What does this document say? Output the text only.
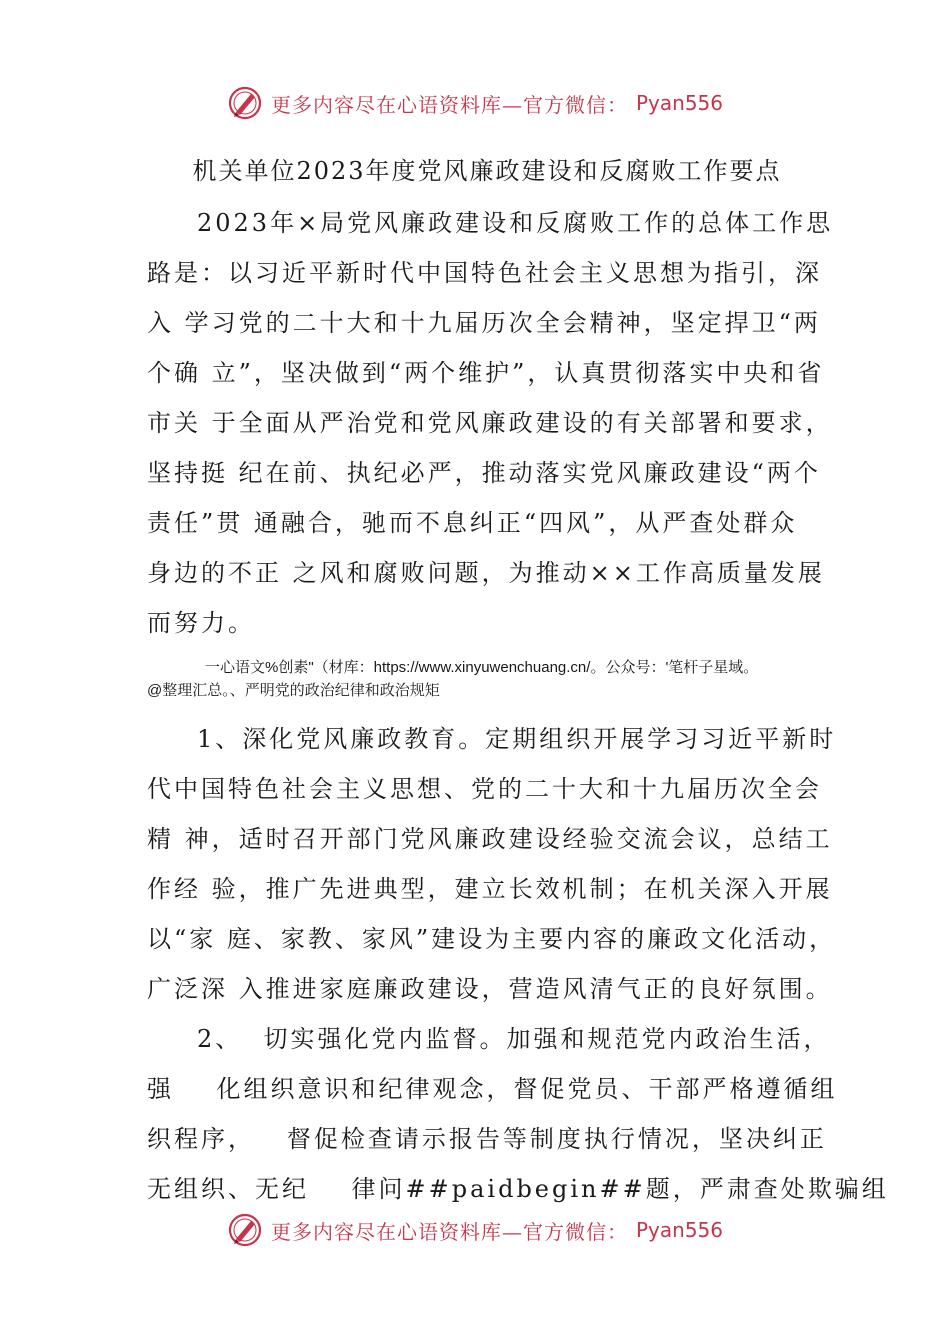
更多内容尽在心语资料库—官方微信： Pyan556
机关单位2023年度党风廉政建设和反腐败工作要点

2023年×局党风廉政建设和反腐败工作的总体工作思
路是：以习近平新时代中国特色社会主义思想为指引，深
入 学习党的二十大和十九届历次全会精神，坚定捍卫“两
个确 立”，坚决做到“两个维护”，认真贯彻落实中央和省
市关 于全面从严治党和党风廉政建设的有关部署和要求，
坚持挺 纪在前、执纪必严，推动落实党风廉政建设“两个
责任”贯 通融合，驰而不息纠正“四风”，从严查处群众
身边的不正 之风和腐败问题，为推动××工作高质量发展
而努力。

一心语文%创素"（材库：https://www.xinyuwenchuang.cn/。公众号：'笔杆子星域。
@整理汇总。、严明党的政治纪律和政治规矩

1、深化党风廉政教育。定期组织开展学习习近平新时
代中国特色社会主义思想、党的二十大和十九届历次全会
精 神，适时召开部门党风廉政建设经验交流会议，总结工
作经 验，推广先进典型，建立长效机制；在机关深入开展
以“家 庭、家教、家风”建设为主要内容的廉政文化活动，
广泛深 入推进家庭廉政建设，营造风清气正的良好氛围。

2、  切实强化党内监督。加强和规范党内政治生活，
强    化组织意识和纪律观念，督促党员、干部严格遵循组
织程序，   督促检查请示报告等制度执行情况，坚决纠正
无组织、无纪    律问##paidbegin##题，严肃查处欺骗组

更多内容尽在心语资料库—官方微信： Pyan556
